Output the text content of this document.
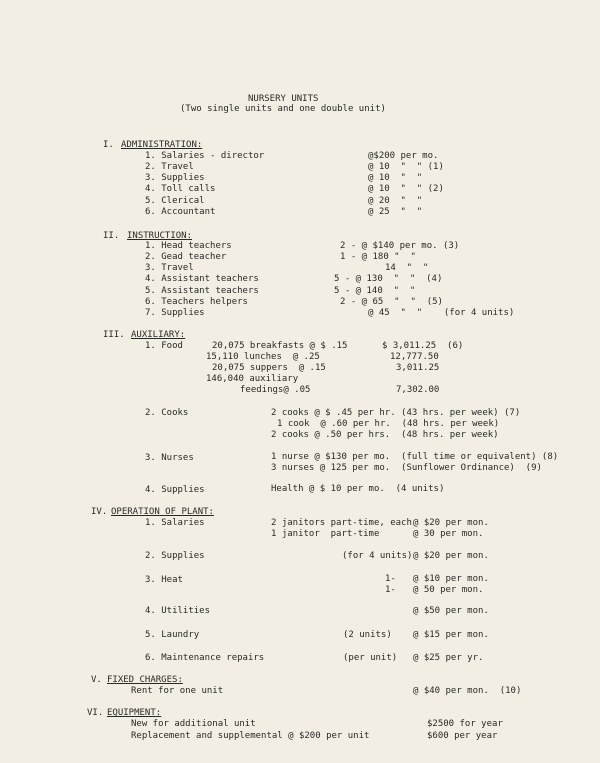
NURSERY UNITS
(Two single units and one double unit)
I. ADMINISTRATION:
1. Salaries - director	@$200 per mo.
2. Travel	@ 10  "  " (1)
3. Supplies	@ 10  "  "
4. Toll calls	@ 10  "  " (2)
5. Clerical	@ 20  "  "
6. Accountant	@ 25  "  "
II. INSTRUCTION:
1. Head teachers	2 - @ $140 per mo. (3)
2. Gead teacher	1 - @ 180 "  "
3. Travel	14  "  "
4. Assistant teachers	5 - @ 130  "  "  (4)
5. Assistant teachers	5 - @ 140  "  "
6. Teachers helpers	2 - @ 65  "  "  (5)
7. Supplies	@ 45  "  "    (for 4 units)
III. AUXILIARY:
1. Food	20,075 breakfasts @ $ .15	$ 3,011.25  (6)
15,110 lunches  @ .25	12,777.50
20,075 suppers  @ .15	3,011.25
146,040 auxiliary
feedings@ .05	7,302.00
2. Cooks	2 cooks @ $ .45 per hr. (43 hrs. per week) (7)
1 cook  @ .60 per hr.  (48 hrs. per week)
2 cooks @ .50 per hrs.  (48 hrs. per week)
3. Nurses	1 nurse @ $130 per mo.  (full time or equivalent) (8)
3 nurses @ 125 per mo.  (Sunflower Ordinance)  (9)
4. Supplies	Health @ $ 10 per mo.  (4 units)
IV. OPERATION OF PLANT:
1. Salaries	2 janitors part-time, each @ $20 per mon.
1 janitor  part-time	@ 30 per mon.
2. Supplies	(for 4 units) @ $20 per mon.
3. Heat	1- @ $10 per mon.
1- @ 50 per mon.
4. Utilities	@ $50 per mon.
5. Laundry	(2 units) @ $15 per mon.
6. Maintenance repairs	(per unit) @ $25 per yr.
V. FIXED CHARGES:
Rent for one unit	@ $40 per mon.  (10)
VI. EQUIPMENT:
New for additional unit	$2500 for year
Replacement and supplemental @ $200 per unit	$600 per year
